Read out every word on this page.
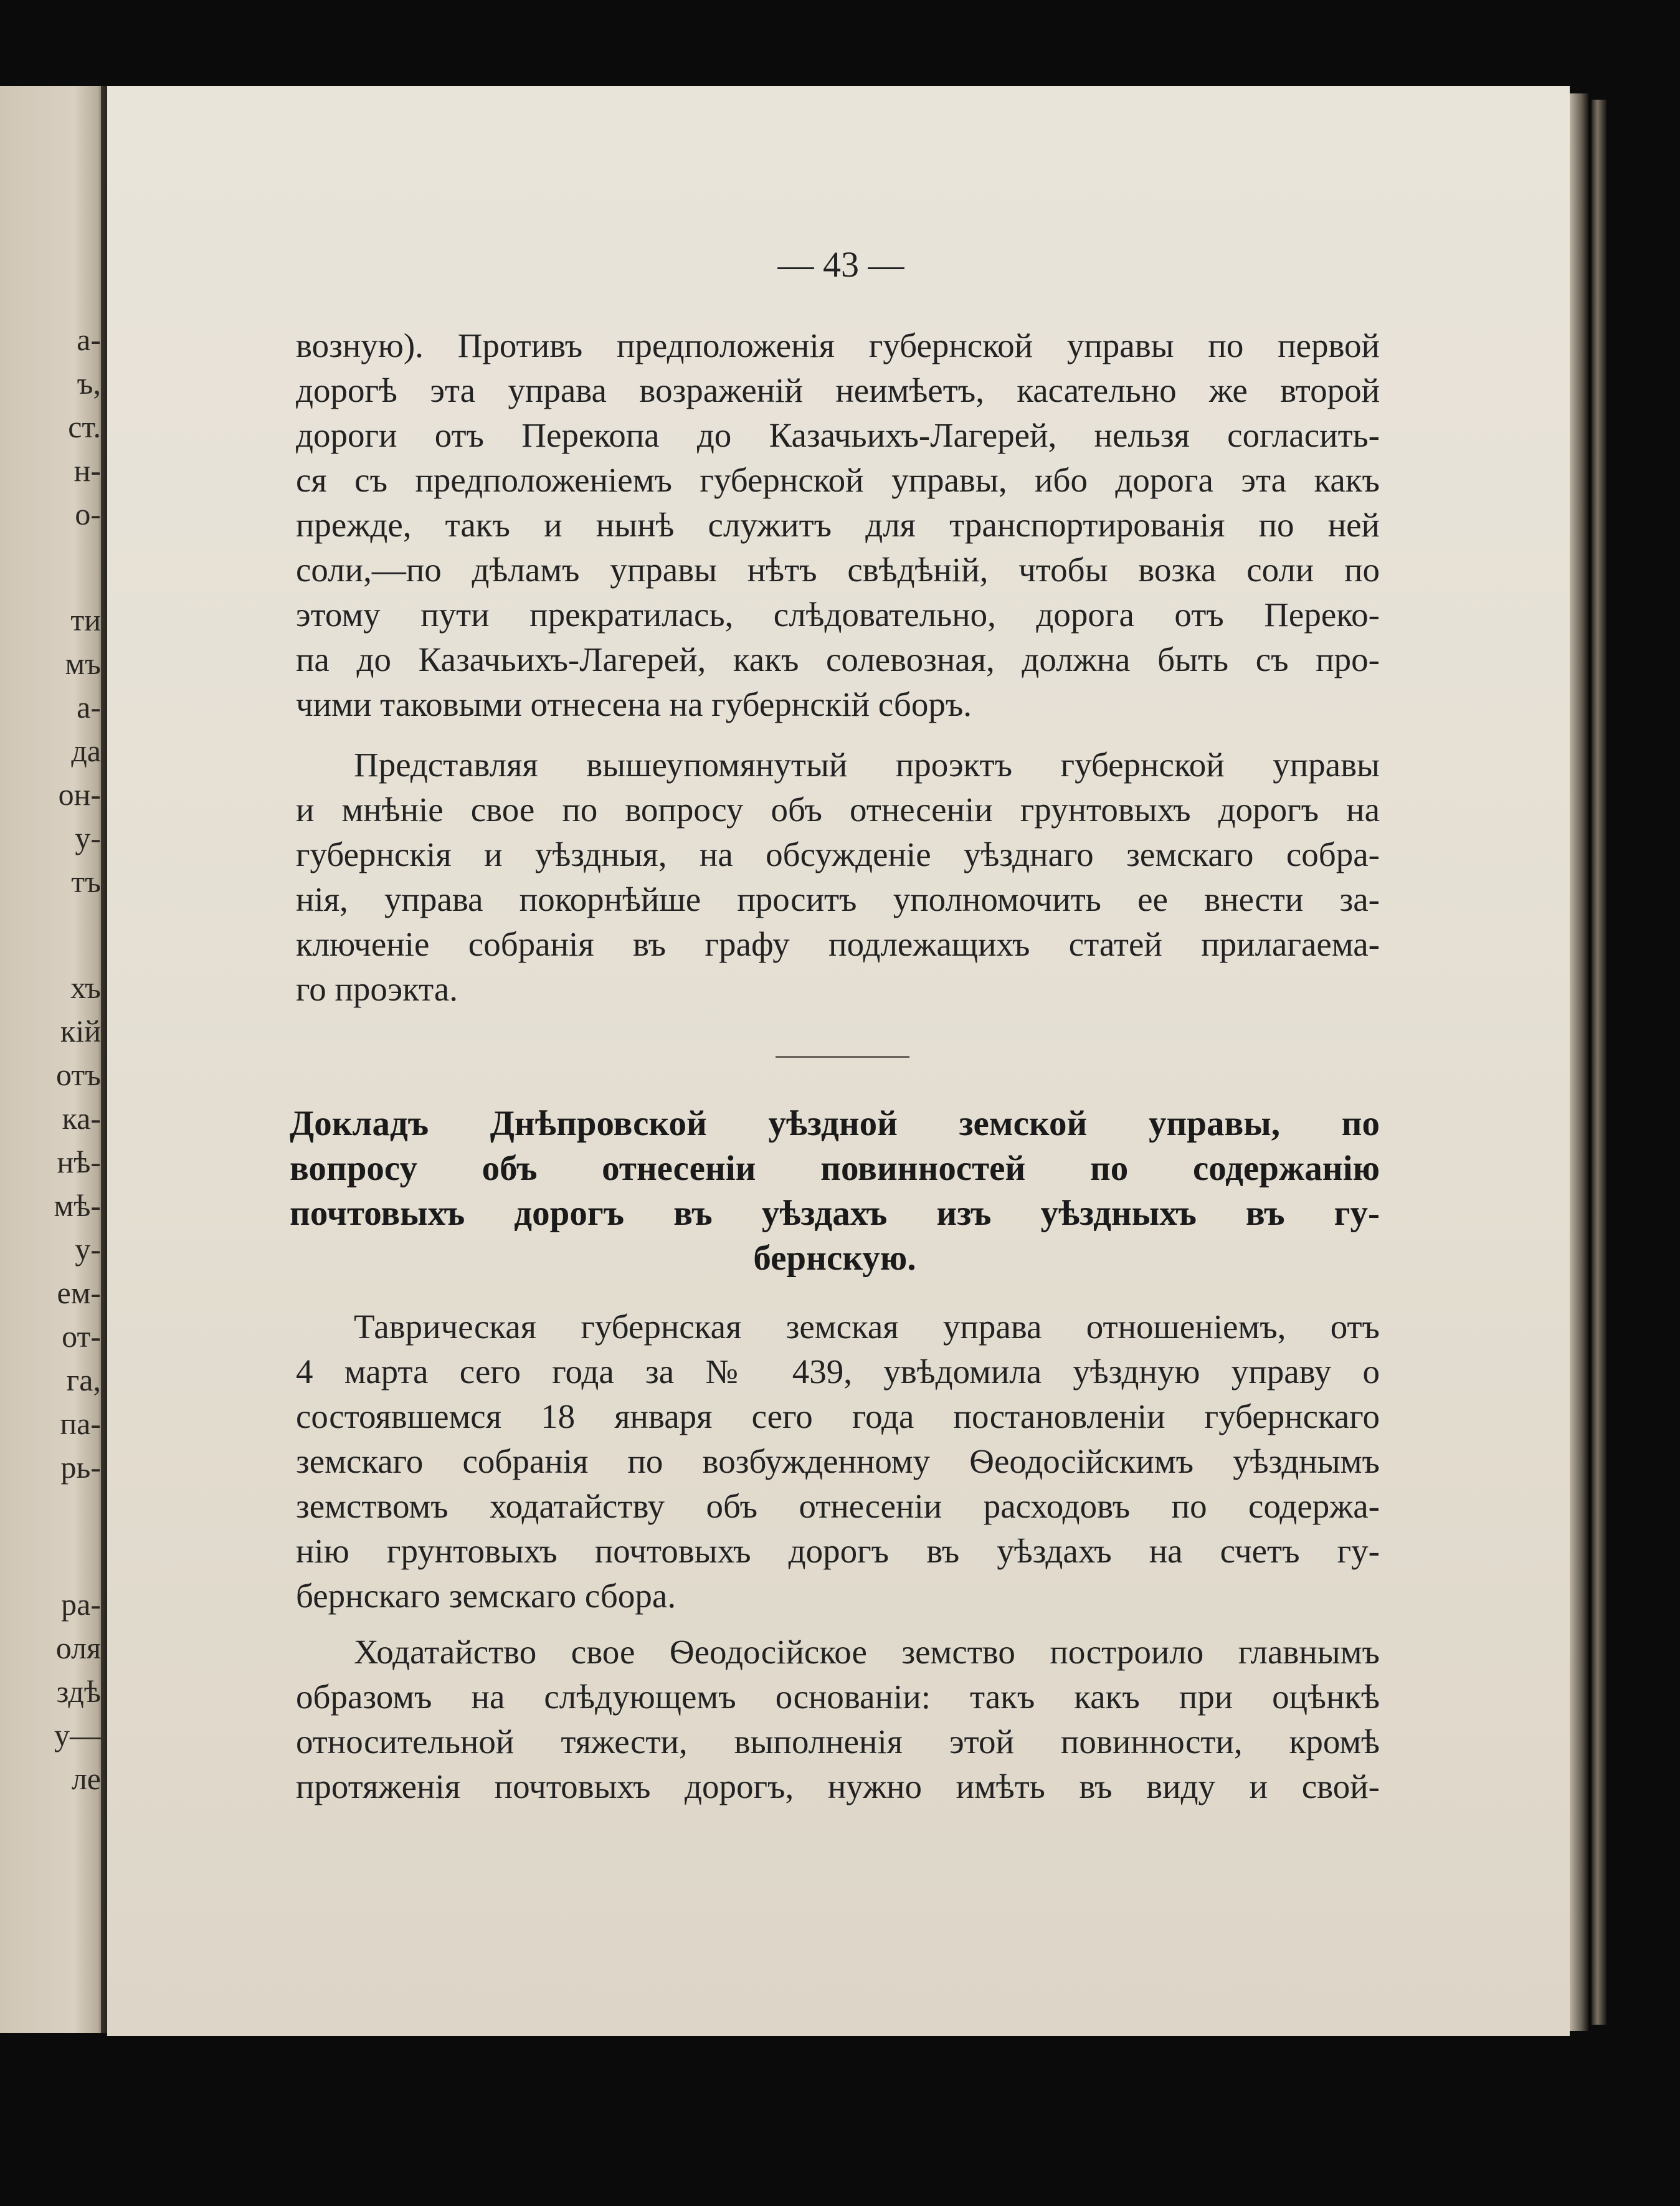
а-
ъ,
ст.
н-
о-
ти
мъ
а-
да
он-
у-
тъ
хъ
кій
отъ
ка-
нѣ-
мѣ-
у-
ем-
от-
га,
па-
рь-
ра-
оля
здѣ
у—
ле
— 43 —
возную). Противъ предположенія губернской управы по первой
дорогѣ эта управа возраженій неимѣетъ, касательно же второй
дороги отъ Перекопа до Казачьихъ-Лагерей, нельзя согласить-
ся съ предположеніемъ губернской управы, ибо дорога эта какъ
прежде, такъ и нынѣ служитъ для транспортированія по ней
соли,—по дѣламъ управы нѣтъ свѣдѣній, чтобы возка соли по
этому пути прекратилась, слѣдовательно, дорога отъ Переко-
па до Казачьихъ-Лагерей, какъ солевозная, должна быть съ про-
чими таковыми отнесена на губернскій сборъ.
Представляя вышеупомянутый проэктъ губернской управы
и мнѣніе свое по вопросу объ отнесеніи грунтовыхъ дорогъ на
губернскія и уѣздныя, на обсужденіе уѣзднаго земскаго собра-
нія, управа покорнѣйше проситъ уполномочить ее внести за-
ключеніе собранія въ графу подлежащихъ статей прилагаема-
го проэкта.
Докладъ Днѣпровской уѣздной земской управы, по
вопросу объ отнесеніи повинностей по содержанію
почтовыхъ дорогъ въ уѣздахъ изъ уѣздныхъ въ гу-
бернскую.
Таврическая губернская земская управа отношеніемъ, отъ
4 марта сего года за № 439, увѣдомила уѣздную управу о
состоявшемся 18 января сего года постановленіи губернскаго
земскаго собранія по возбужденному Ѳеодосійскимъ уѣзднымъ
земствомъ ходатайству объ отнесеніи расходовъ по содержа-
нію грунтовыхъ почтовыхъ дорогъ въ уѣздахъ на счетъ гу-
бернскаго земскаго сбора.
Ходатайство свое Ѳеодосійское земство построило главнымъ
образомъ на слѣдующемъ основаніи: такъ какъ при оцѣнкѣ
относительной тяжести, выполненія этой повинности, кромѣ
протяженія почтовыхъ дорогъ, нужно имѣть въ виду и свой-
